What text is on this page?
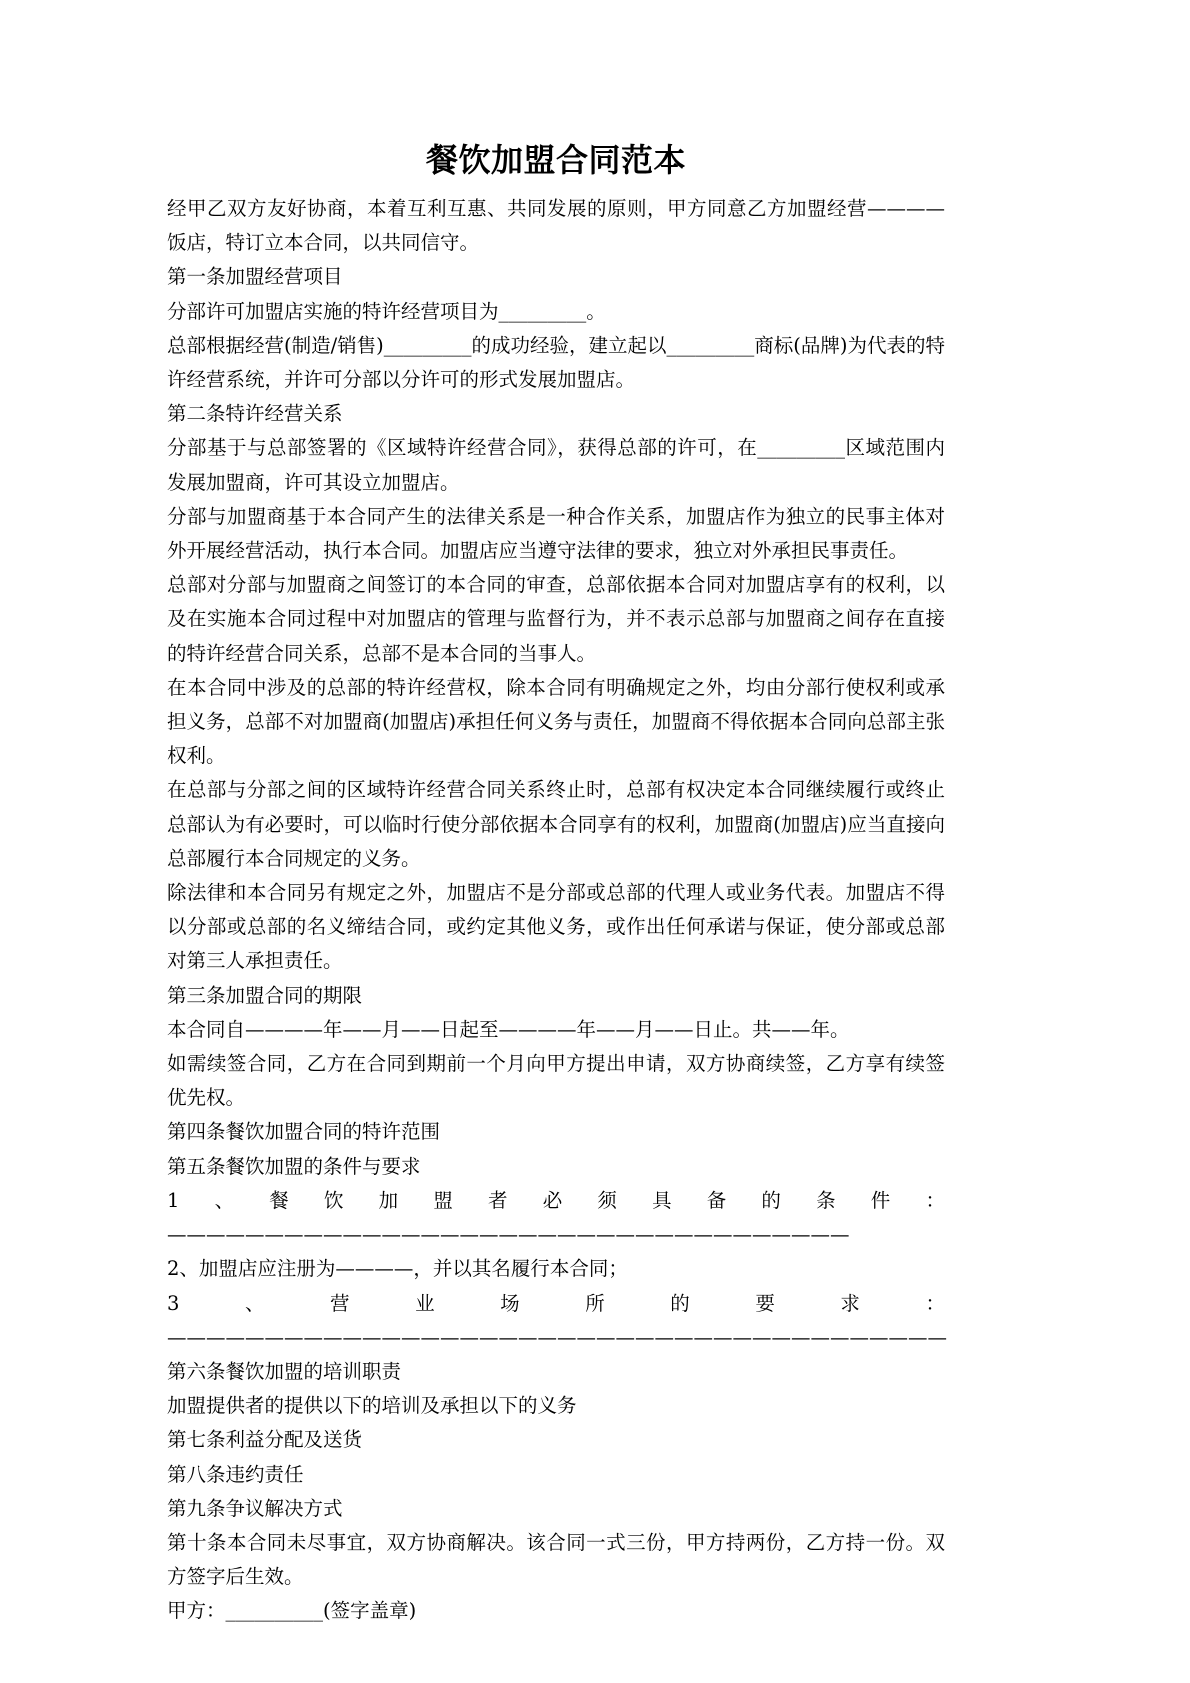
餐饮加盟合同范本

经甲乙双方友好协商，本着互利互惠、共同发展的原则，甲方同意乙方加盟经营————饭店，特订立本合同，以共同信守。

第一条加盟经营项目

分部许可加盟店实施的特许经营项目为_________。

总部根据经营(制造/销售)_________的成功经验，建立起以_________商标(品牌)为代表的特许经营系统，并许可分部以分许可的形式发展加盟店。

第二条特许经营关系

分部基于与总部签署的《区域特许经营合同》，获得总部的许可，在_________区域范围内发展加盟商，许可其设立加盟店。

分部与加盟商基于本合同产生的法律关系是一种合作关系，加盟店作为独立的民事主体对外开展经营活动，执行本合同。加盟店应当遵守法律的要求，独立对外承担民事责任。

总部对分部与加盟商之间签订的本合同的审查，总部依据本合同对加盟店享有的权利，以及在实施本合同过程中对加盟店的管理与监督行为，并不表示总部与加盟商之间存在直接的特许经营合同关系，总部不是本合同的当事人。

在本合同中涉及的总部的特许经营权，除本合同有明确规定之外，均由分部行使权利或承担义务，总部不对加盟商(加盟店)承担任何义务与责任，加盟商不得依据本合同向总部主张权利。

在总部与分部之间的区域特许经营合同关系终止时，总部有权决定本合同继续履行或终止总部认为有必要时，可以临时行使分部依据本合同享有的权利，加盟商(加盟店)应当直接向总部履行本合同规定的义务。

除法律和本合同另有规定之外，加盟店不是分部或总部的代理人或业务代表。加盟店不得以分部或总部的名义缔结合同，或约定其他义务，或作出任何承诺与保证，使分部或总部对第三人承担责任。

第三条加盟合同的期限

本合同自————年——月——日起至————年——月——日止。共——年。

如需续签合同，乙方在合同到期前一个月向甲方提出申请，双方协商续签，乙方享有续签优先权。

第四条餐饮加盟合同的特许范围

第五条餐饮加盟的条件与要求

1、餐饮加盟者必须具备的条件：———————————————————————————————————

2、加盟店应注册为————，并以其名履行本合同；

3、营业场所的要求：————————————————————————————————————————

第六条餐饮加盟的培训职责

加盟提供者的提供以下的培训及承担以下的义务

第七条利益分配及送货

第八条违约责任

第九条争议解决方式

第十条本合同未尽事宜，双方协商解决。该合同一式三份，甲方持两份，乙方持一份。双方签字后生效。

甲方：__________(签字盖章)
